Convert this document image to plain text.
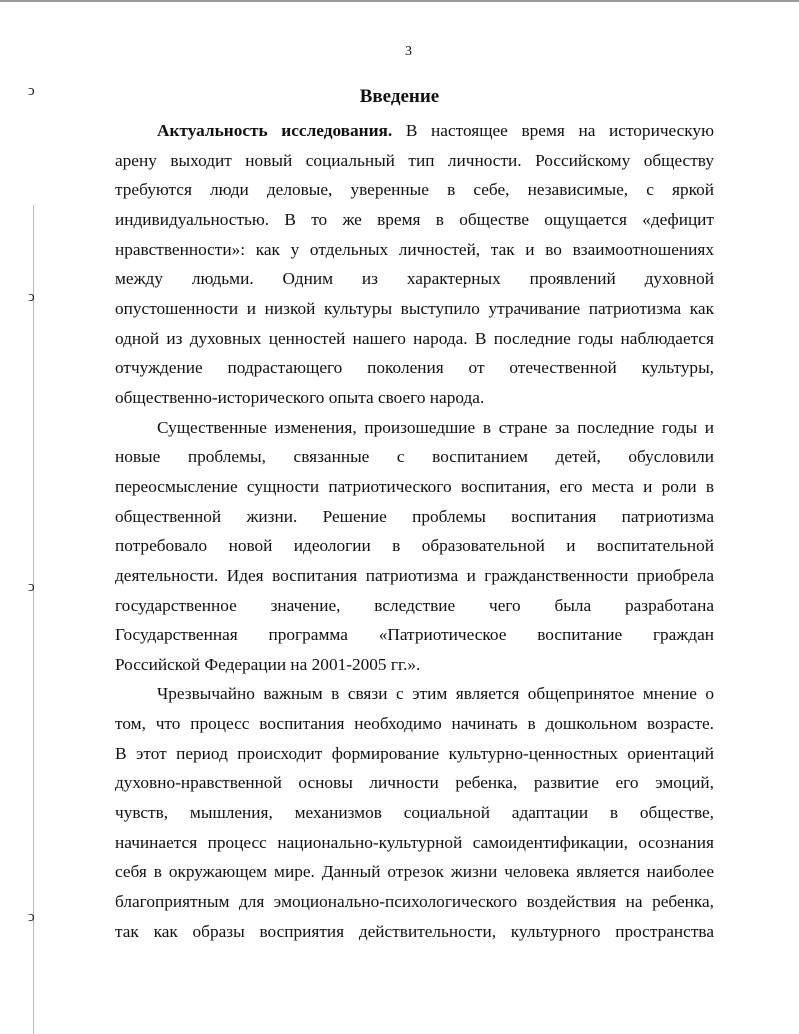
ↄ
ↄ
ↄ
ↄ
3
Введение

Актуальность исследования. В настоящее время на историческую
арену выходит новый социальный тип личности. Российскому обществу
требуются люди деловые, уверенные в себе, независимые, с яркой
индивидуальностью. В то же время в обществе ощущается «дефицит
нравственности»: как у отдельных личностей, так и во взаимоотношениях
между людьми. Одним из характерных проявлений духовной
опустошенности и низкой культуры выступило утрачивание патриотизма как
одной из духовных ценностей нашего народа. В последние годы наблюдается
отчуждение подрастающего поколения от отечественной культуры,
общественно-исторического опыта своего народа.

Существенные изменения, произошедшие в стране за последние годы и
новые проблемы, связанные с воспитанием детей, обусловили
переосмысление сущности патриотического воспитания, его места и роли в
общественной жизни. Решение проблемы воспитания патриотизма
потребовало новой идеологии в образовательной и воспитательной
деятельности. Идея воспитания патриотизма и гражданственности приобрела
государственное значение, вследствие чего была разработана
Государственная программа «Патриотическое воспитание граждан
Российской Федерации на 2001-2005 гг.».

Чрезвычайно важным в связи с этим является общепринятое мнение о
том, что процесс воспитания необходимо начинать в дошкольном возрасте.
В этот период происходит формирование культурно-ценностных ориентаций
духовно-нравственной основы личности ребенка, развитие его эмоций,
чувств, мышления, механизмов социальной адаптации в обществе,
начинается процесс национально-культурной самоидентификации, осознания
себя в окружающем мире. Данный отрезок жизни человека является наиболее
благоприятным для эмоционально-психологического воздействия на ребенка,
так как образы восприятия действительности, культурного пространства
